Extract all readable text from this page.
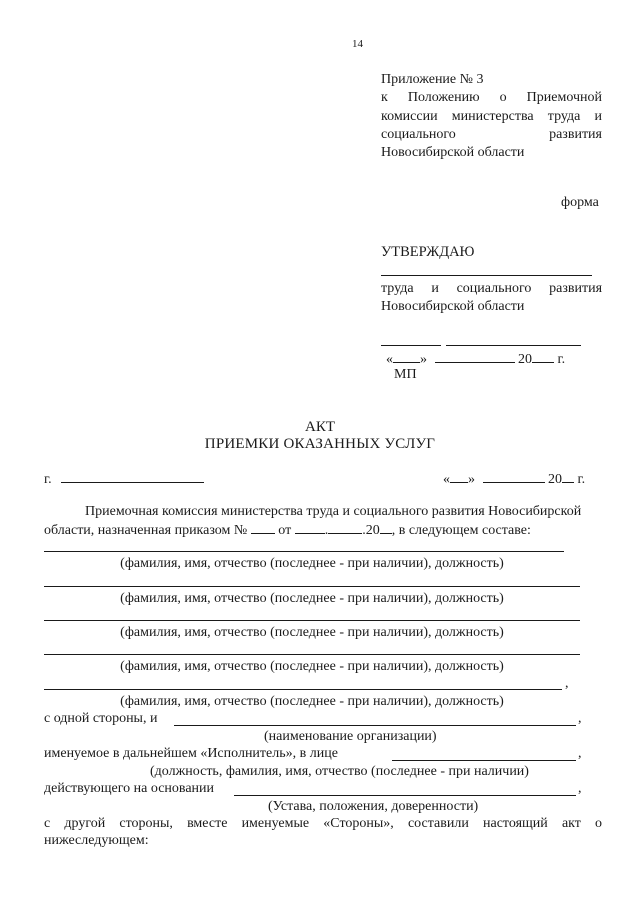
14
Приложение № 3
к Положению о Приемочной
комиссии министерства труда и
социального	развития
Новосибирской области
форма
УТВЕРЖДАЮ
труда и социального развития
Новосибирской области
« »	20 г.
МП
АКТ
ПРИЕМКИ ОКАЗАННЫХ УСЛУГ
г.	« »	20 г.
Приемочная комиссия министерства труда и социального развития Новосибирской
области, назначенная приказом № от . .20 , в следующем составе:
(фамилия, имя, отчество (последнее - при наличии), должность)
(фамилия, имя, отчество (последнее - при наличии), должность)
(фамилия, имя, отчество (последнее - при наличии), должность)
(фамилия, имя, отчество (последнее - при наличии), должность)
,
(фамилия, имя, отчество (последнее - при наличии), должность)
с одной стороны, и	,
(наименование организации)
именуемое в дальнейшем «Исполнитель», в лице	,
(должность, фамилия, имя, отчество (последнее - при наличии)
действующего на основании	,
(Устава, положения, доверенности)
с другой стороны, вместе именуемые «Стороны», составили настоящий акт о
нижеследующем:
